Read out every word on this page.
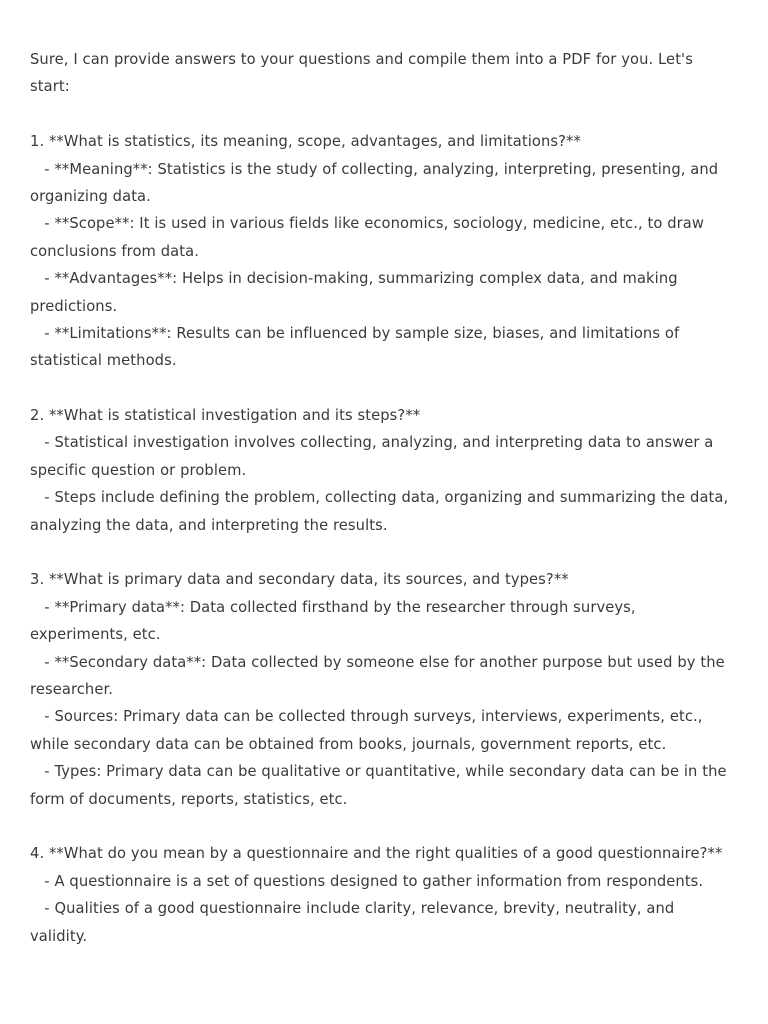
Sure, I can provide answers to your questions and compile them into a PDF for you. Let's
start:
1. **What is statistics, its meaning, scope, advantages, and limitations?**
- **Meaning**: Statistics is the study of collecting, analyzing, interpreting, presenting, and
organizing data.
- **Scope**: It is used in various fields like economics, sociology, medicine, etc., to draw
conclusions from data.
- **Advantages**: Helps in decision-making, summarizing complex data, and making
predictions.
- **Limitations**: Results can be influenced by sample size, biases, and limitations of
statistical methods.
2. **What is statistical investigation and its steps?**
- Statistical investigation involves collecting, analyzing, and interpreting data to answer a
specific question or problem.
- Steps include defining the problem, collecting data, organizing and summarizing the data,
analyzing the data, and interpreting the results.
3. **What is primary data and secondary data, its sources, and types?**
- **Primary data**: Data collected firsthand by the researcher through surveys,
experiments, etc.
- **Secondary data**: Data collected by someone else for another purpose but used by the
researcher.
- Sources: Primary data can be collected through surveys, interviews, experiments, etc.,
while secondary data can be obtained from books, journals, government reports, etc.
- Types: Primary data can be qualitative or quantitative, while secondary data can be in the
form of documents, reports, statistics, etc.
4. **What do you mean by a questionnaire and the right qualities of a good questionnaire?**
- A questionnaire is a set of questions designed to gather information from respondents.
- Qualities of a good questionnaire include clarity, relevance, brevity, neutrality, and
validity.
